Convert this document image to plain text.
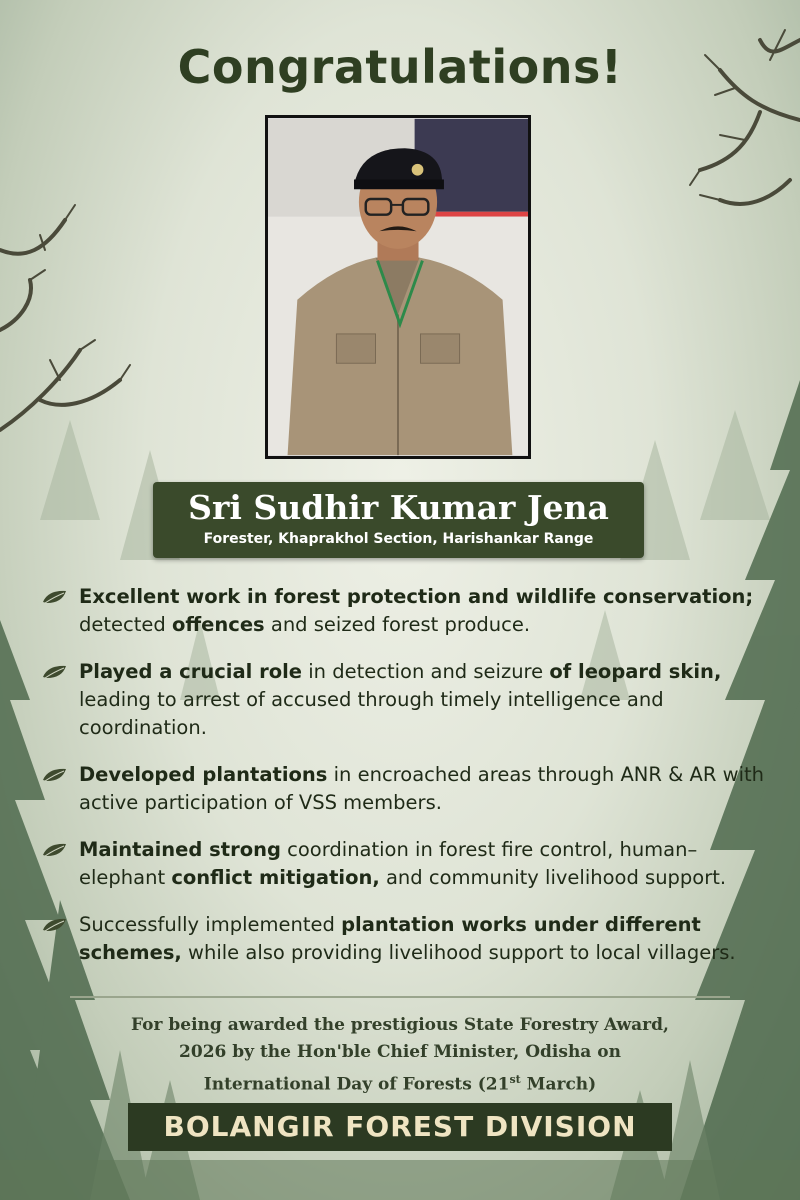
Congratulations!
Sri Sudhir Kumar Jena
Forester, Khaprakhol Section, Harishankar Range
Excellent work in forest protection and wildlife conservation; detected offences and seized forest produce.
Played a crucial role in detection and seizure of leopard skin, leading to arrest of accused through timely intelligence and coordination.
Developed plantations in encroached areas through ANR & AR with active participation of VSS members.
Maintained strong coordination in forest fire control, human–elephant conflict mitigation, and community livelihood support.
Successfully implemented plantation works under different schemes, while also providing livelihood support to local villagers.
For being awarded the prestigious State Forestry Award,
2026 by the Hon'ble Chief Minister, Odisha on
International Day of Forests (21st March)
BOLANGIR FOREST DIVISION
